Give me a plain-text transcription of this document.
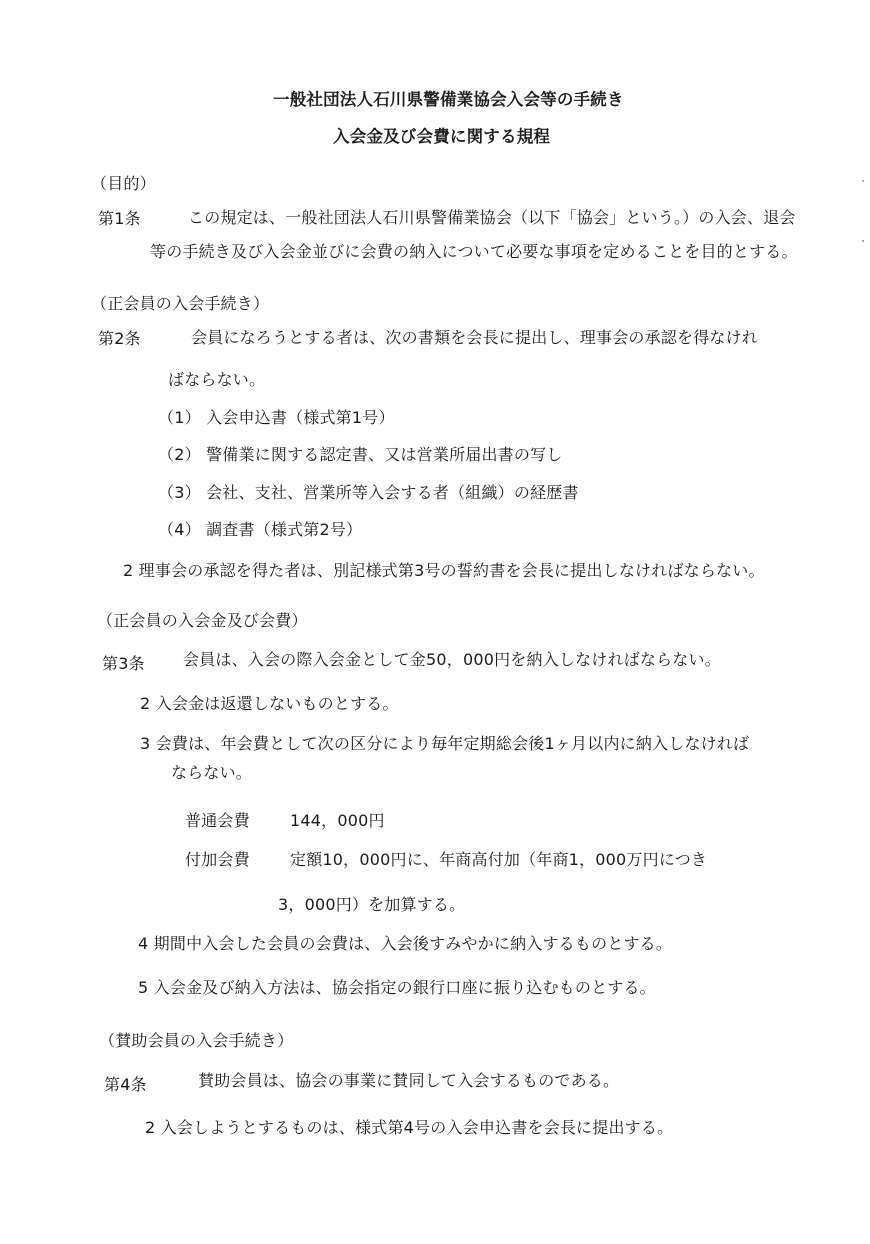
一般社団法人石川県警備業協会入会等の手続き
入会金及び会費に関する規程
（目的）
第1条	この規定は、一般社団法人石川県警備業協会（以下「協会」という。）の入会、退会
等の手続き及び入会金並びに会費の納入について必要な事項を定めることを目的とする。
（正会員の入会手続き）
第2条	会員になろうとする者は、次の書類を会長に提出し、理事会の承認を得なけれ
ばならない。
（1） 入会申込書（様式第1号）
（2） 警備業に関する認定書、又は営業所届出書の写し
（3） 会社、支社、営業所等入会する者（組織）の経歴書
（4） 調査書（様式第2号）
2 理事会の承認を得た者は、別記様式第3号の誓約書を会長に提出しなければならない。
（正会員の入会金及び会費）
第3条 会員は、入会の際入会金として金50，000円を納入しなければならない。
2 入会金は返還しないものとする。
3 会費は、年会費として次の区分により毎年定期総会後1ヶ月以内に納入しなければ
ならない。
普通会費	144，000円
付加会費	定額10，000円に、年商高付加（年商1，000万円につき
3，000円）を加算する。
4 期間中入会した会員の会費は、入会後すみやかに納入するものとする。
5 入会金及び納入方法は、協会指定の銀行口座に振り込むものとする。
（賛助会員の入会手続き）
第4条	賛助会員は、協会の事業に賛同して入会するものである。
2 入会しようとするものは、様式第4号の入会申込書を会長に提出する。
